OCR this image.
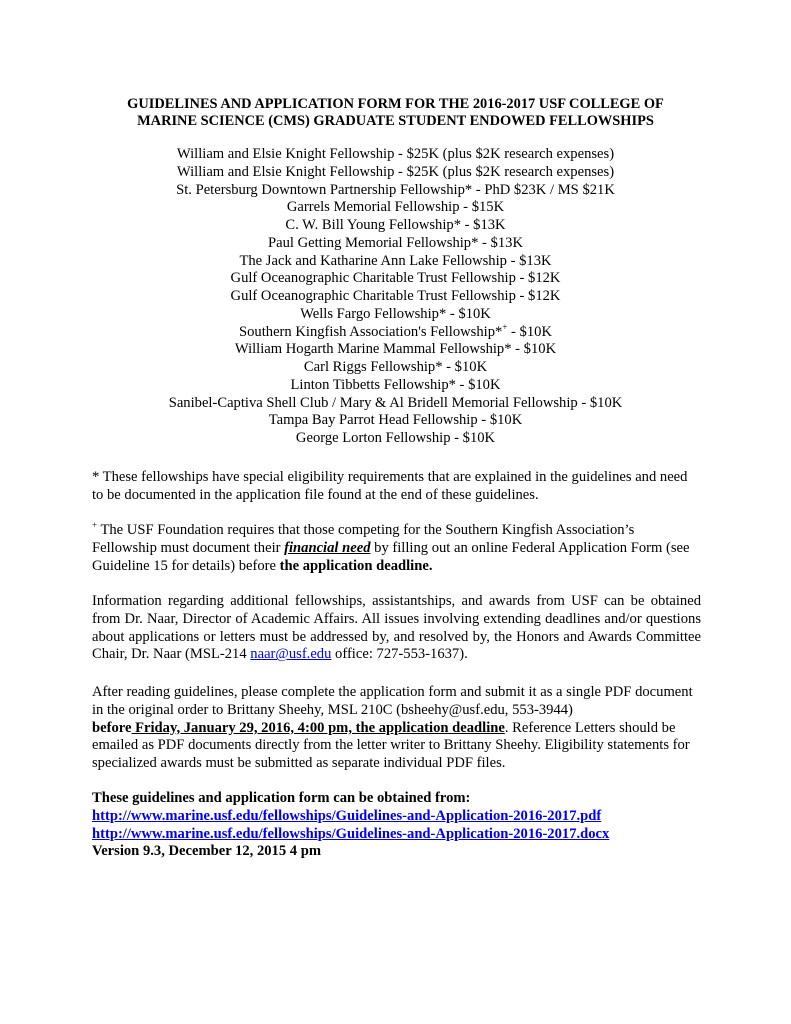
GUIDELINES AND APPLICATION FORM FOR THE 2016-2017 USF COLLEGE OF
MARINE SCIENCE (CMS) GRADUATE STUDENT ENDOWED FELLOWSHIPS
William and Elsie Knight Fellowship - $25K (plus $2K research expenses)
William and Elsie Knight Fellowship - $25K (plus $2K research expenses)
St. Petersburg Downtown Partnership Fellowship* - PhD $23K / MS $21K
Garrels Memorial Fellowship - $15K
C. W. Bill Young Fellowship* - $13K
Paul Getting Memorial Fellowship* - $13K
The Jack and Katharine Ann Lake Fellowship - $13K
Gulf Oceanographic Charitable Trust Fellowship - $12K
Gulf Oceanographic Charitable Trust Fellowship - $12K
Wells Fargo Fellowship* - $10K
Southern Kingfish Association's Fellowship*+ - $10K
William Hogarth Marine Mammal Fellowship* - $10K
Carl Riggs Fellowship* - $10K
Linton Tibbetts Fellowship* - $10K
Sanibel-Captiva Shell Club / Mary & Al Bridell Memorial Fellowship - $10K
Tampa Bay Parrot Head Fellowship - $10K
George Lorton Fellowship - $10K

* These fellowships have special eligibility requirements that are explained in the guidelines and need to be documented in the application file found at the end of these guidelines.

+ The USF Foundation requires that those competing for the Southern Kingfish Association’s Fellowship must document their financial need by filling out an online Federal Application Form (see Guideline 15 for details) before the application deadline.

Information regarding additional fellowships, assistantships, and awards from USF can be obtained from Dr. Naar, Director of Academic Affairs. All issues involving extending deadlines and/or questions about applications or letters must be addressed by, and resolved by, the Honors and Awards Committee Chair, Dr. Naar (MSL-214 naar@usf.edu office: 727-553-1637).

After reading guidelines, please complete the application form and submit it as a single PDF document in the original order to Brittany Sheehy, MSL 210C (bsheehy@usf.edu, 553-3944)
before Friday, January 29, 2016, 4:00 pm, the application deadline. Reference Letters should be emailed as PDF documents directly from the letter writer to Brittany Sheehy. Eligibility statements for specialized awards must be submitted as separate individual PDF files.

These guidelines and application form can be obtained from:
http://www.marine.usf.edu/fellowships/Guidelines-and-Application-2016-2017.pdf
http://www.marine.usf.edu/fellowships/Guidelines-and-Application-2016-2017.docx
Version 9.3, December 12, 2015 4 pm
